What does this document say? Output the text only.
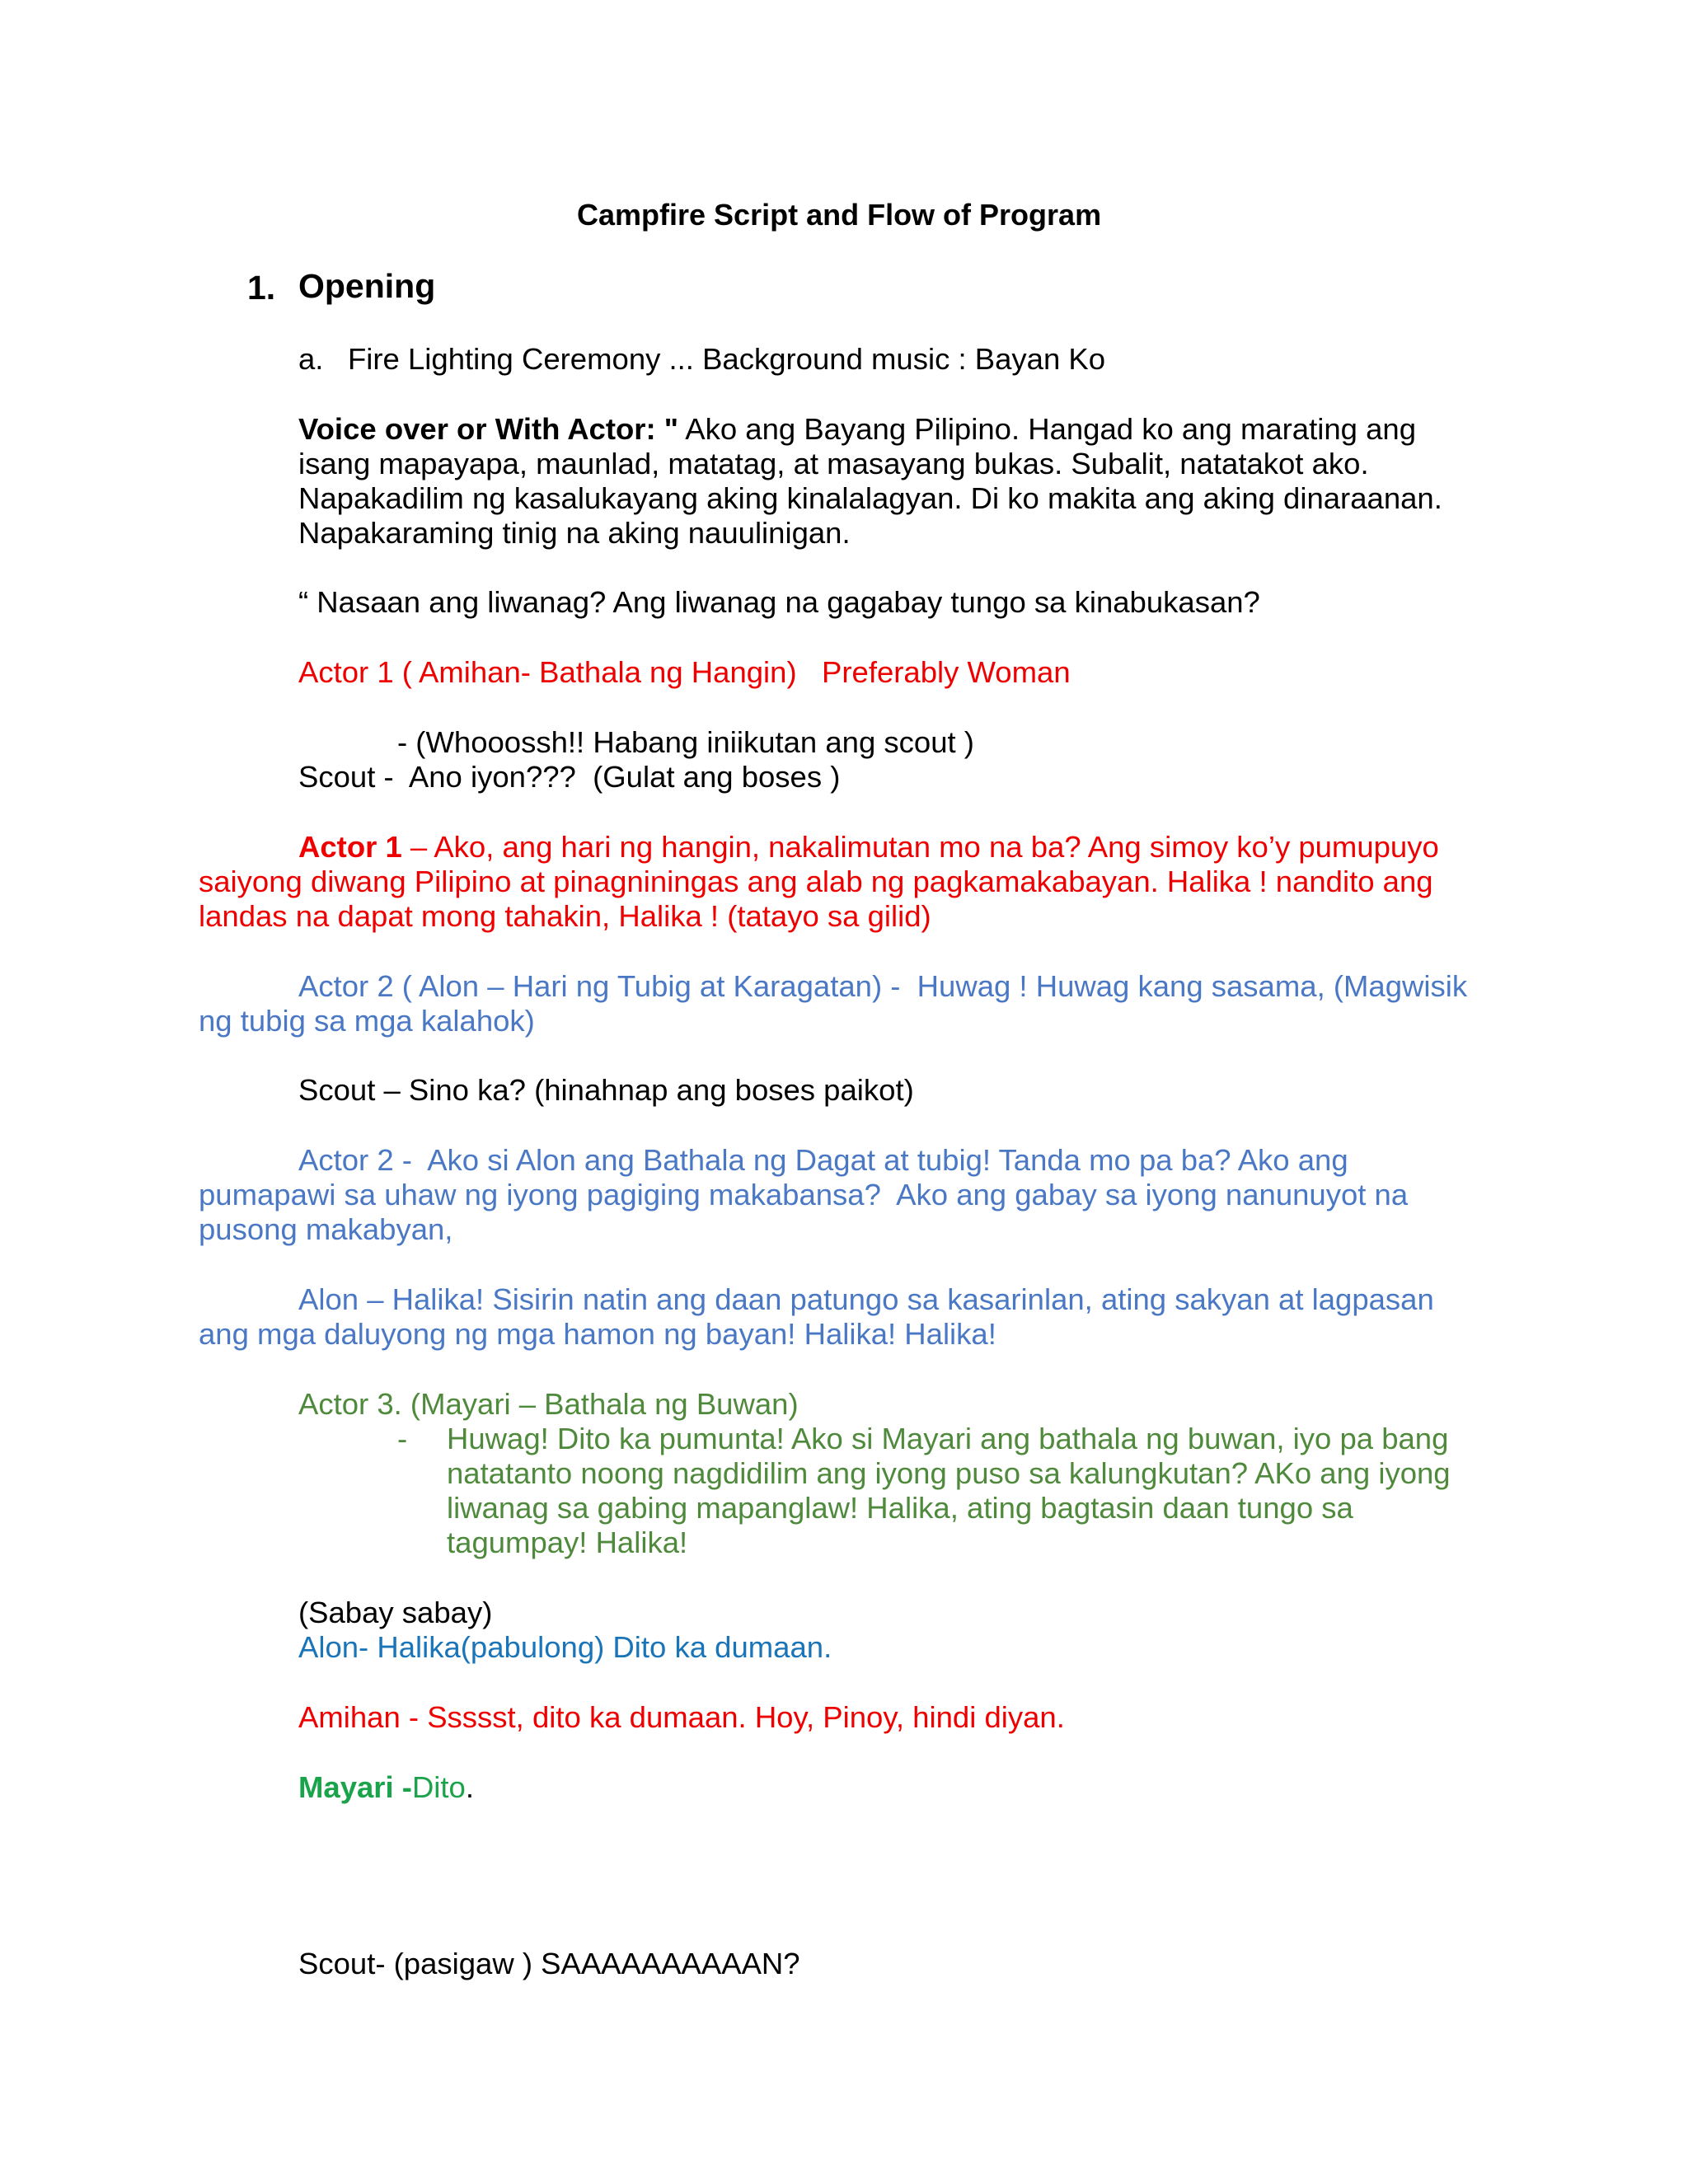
Campfire Script and Flow of Program
1. Opening
a. Fire Lighting Ceremony ... Background music : Bayan Ko
Voice over or With Actor: " Ako ang Bayang Pilipino. Hangad ko ang marating ang
isang mapayapa, maunlad, matatag, at masayang bukas. Subalit, natatakot ako.
Napakadilim ng kasalukayang aking kinalalagyan. Di ko makita ang aking dinaraanan.
Napakaraming tinig na aking nauulinigan.
“ Nasaan ang liwanag? Ang liwanag na gagabay tungo sa kinabukasan?
Actor 1 ( Amihan- Bathala ng Hangin)   Preferably Woman
- (Whooossh!! Habang iniikutan ang scout )
Scout -  Ano iyon???  (Gulat ang boses )
Actor 1 – Ako, ang hari ng hangin, nakalimutan mo na ba? Ang simoy ko’y pumupuyo
saiyong diwang Pilipino at pinagniningas ang alab ng pagkamakabayan. Halika ! nandito ang
landas na dapat mong tahakin, Halika ! (tatayo sa gilid)
Actor 2 ( Alon – Hari ng Tubig at Karagatan) -  Huwag ! Huwag kang sasama, (Magwisik
ng tubig sa mga kalahok)
Scout – Sino ka? (hinahnap ang boses paikot)
Actor 2 -  Ako si Alon ang Bathala ng Dagat at tubig! Tanda mo pa ba? Ako ang
pumapawi sa uhaw ng iyong pagiging makabansa?  Ako ang gabay sa iyong nanunuyot na
pusong makabyan,
Alon – Halika! Sisirin natin ang daan patungo sa kasarinlan, ating sakyan at lagpasan
ang mga daluyong ng mga hamon ng bayan! Halika! Halika!
Actor 3. (Mayari – Bathala ng Buwan)
- Huwag! Dito ka pumunta! Ako si Mayari ang bathala ng buwan, iyo pa bang
natatanto noong nagdidilim ang iyong puso sa kalungkutan? AKo ang iyong
liwanag sa gabing mapanglaw! Halika, ating bagtasin daan tungo sa
tagumpay! Halika!
(Sabay sabay)
Alon- Halika(pabulong) Dito ka dumaan.
Amihan - Ssssst, dito ka dumaan. Hoy, Pinoy, hindi diyan.
Mayari -Dito.
Scout- (pasigaw ) SAAAAAAAAAAN?
